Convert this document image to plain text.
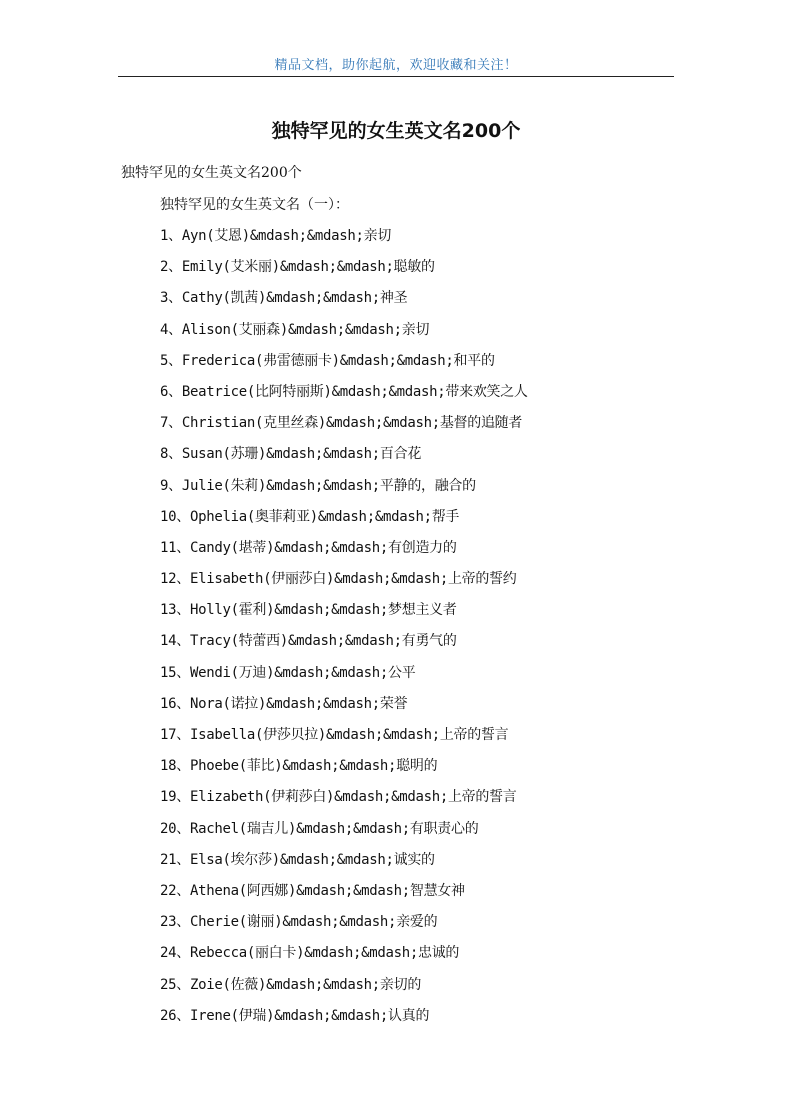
精品文档，助你起航，欢迎收藏和关注！
独特罕见的女生英文名200个
独特罕见的女生英文名200个
独特罕见的女生英文名（一）：
1、Ayn(艾恩)&mdash;&mdash;亲切
2、Emily(艾米丽)&mdash;&mdash;聪敏的
3、Cathy(凯茜)&mdash;&mdash;神圣
4、Alison(艾丽森)&mdash;&mdash;亲切
5、Frederica(弗雷德丽卡)&mdash;&mdash;和平的
6、Beatrice(比阿特丽斯)&mdash;&mdash;带来欢笑之人
7、Christian(克里丝森)&mdash;&mdash;基督的追随者
8、Susan(苏珊)&mdash;&mdash;百合花
9、Julie(朱莉)&mdash;&mdash;平静的，融合的
10、Ophelia(奥菲莉亚)&mdash;&mdash;帮手
11、Candy(堪蒂)&mdash;&mdash;有创造力的
12、Elisabeth(伊丽莎白)&mdash;&mdash;上帝的誓约
13、Holly(霍利)&mdash;&mdash;梦想主义者
14、Tracy(特蕾西)&mdash;&mdash;有勇气的
15、Wendi(万迪)&mdash;&mdash;公平
16、Nora(诺拉)&mdash;&mdash;荣誉
17、Isabella(伊莎贝拉)&mdash;&mdash;上帝的誓言
18、Phoebe(菲比)&mdash;&mdash;聪明的
19、Elizabeth(伊莉莎白)&mdash;&mdash;上帝的誓言
20、Rachel(瑞吉儿)&mdash;&mdash;有职责心的
21、Elsa(埃尔莎)&mdash;&mdash;诚实的
22、Athena(阿西娜)&mdash;&mdash;智慧女神
23、Cherie(谢丽)&mdash;&mdash;亲爱的
24、Rebecca(丽白卡)&mdash;&mdash;忠诚的
25、Zoie(佐薇)&mdash;&mdash;亲切的
26、Irene(伊瑞)&mdash;&mdash;认真的
